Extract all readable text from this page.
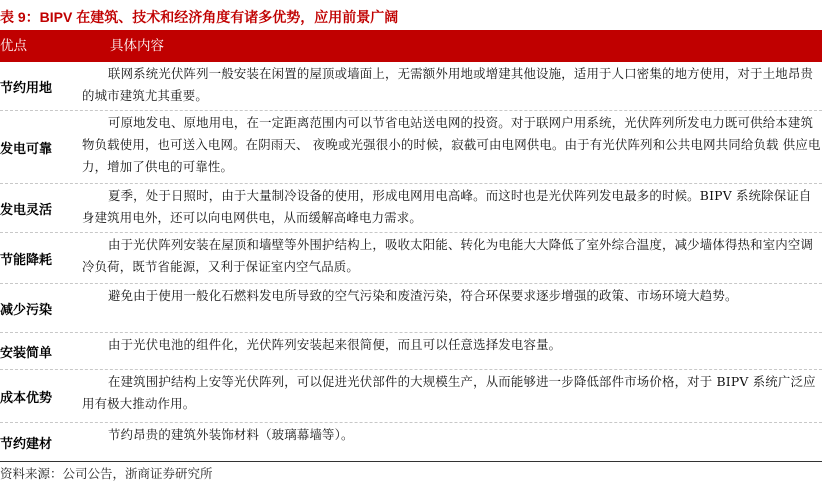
表 9：BIPV 在建筑、技术和经济角度有诸多优势，应用前景广阔
优点	具体内容
节约用地
联网系统光伏阵列一般安装在闲置的屋顶或墙面上，无需额外用地或增建其他设施，适用于人口密集的地方使用，对于土地昂贵的城市建筑尤其重要。
发电可靠
可原地发电、原地用电，在一定距离范围内可以节省电站送电网的投资。对于联网户用系统，光伏阵列所发电力既可供给本建筑物负载使用，也可送入电网。在阴雨天、 夜晚或光强很小的时候，寂截可由电网供电。由于有光伏阵列和公共电网共同给负载 供应电力，增加了供电的可靠性。
发电灵活
夏季，处于日照时，由于大量制冷设备的使用，形成电网用电高峰。而这时也是光伏阵列发电最多的时候。BIPV 系统除保证自身建筑用电外，还可以向电网供电，从而缓解高峰电力需求。
节能降耗
由于光伏阵列安装在屋顶和墙壁等外围护结构上，吸收太阳能、转化为电能大大降低了室外综合温度，减少墙体得热和室内空调冷负荷，既节省能源，又利于保证室内空气品质。
减少污染
避免由于使用一般化石燃料发电所导致的空气污染和废渣污染，符合环保要求逐步增强的政策、市场环境大趋势。
安装简单
由于光伏电池的组件化，光伏阵列安装起来很简便，而且可以任意选择发电容量。
成本优势
在建筑围护结构上安等光伏阵列，可以促进光伏部件的大规模生产，从而能够进一步降低部件市场价格，对于 BIPV 系统广泛应用有极大推动作用。
节约建材
节约昂贵的建筑外装饰材料（玻璃幕墙等）。
资料来源：公司公告，浙商证券研究所
